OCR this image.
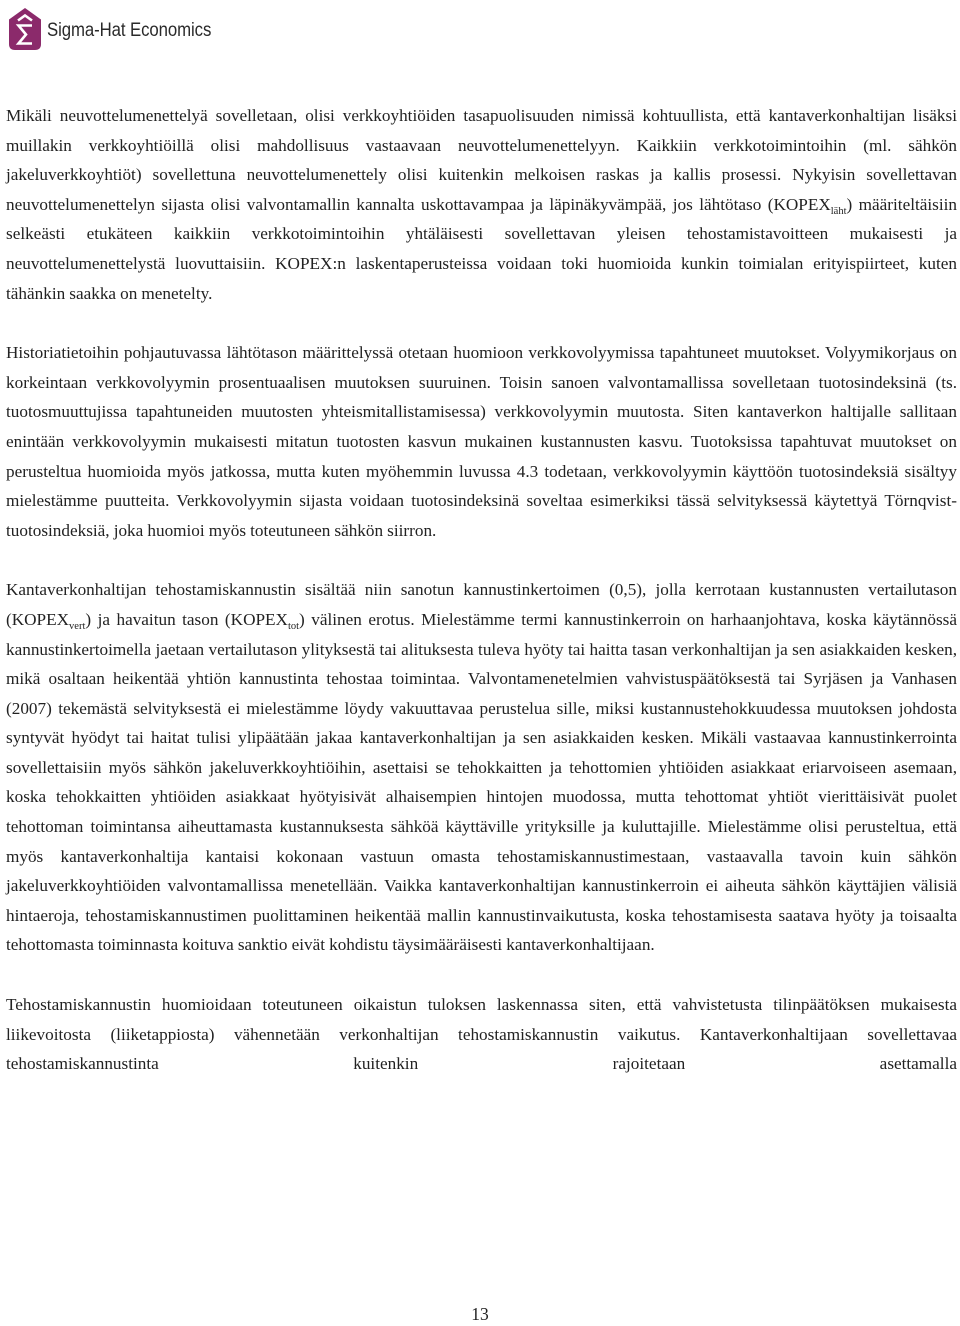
Sigma-Hat Economics

Mikäli neuvottelumenettelyä sovelletaan, olisi verkkoyhtiöiden tasapuolisuuden nimissä kohtuullista, että kantaverkonhaltijan lisäksi muillakin verkkoyhtiöillä olisi mahdollisuus vastaavaan neuvottelumenettelyyn. Kaikkiin verkkotoimintoihin (ml. sähkön jakeluverkkoyhtiöt) sovellettuna neuvottelumenettely olisi kuitenkin melkoisen raskas ja kallis prosessi. Nykyisin sovellettavan neuvottelumenettelyn sijasta olisi valvontamallin kannalta uskottavampaa ja läpinäkyvämpää, jos lähtötaso $(KOPEX_{läht})$ määriteltäisiin selkeästi etukäteen kaikkiin verkkotoimintoihin yhtäläisesti sovellettavan yleisen tehostamistavoitteen mukaisesti ja neuvottelumenettelystä luovuttaisiin. KOPEX:n laskentaperusteissa voidaan toki huomioida kunkin toimialan erityispiirteet, kuten tähänkin saakka on menetelty.

Historiatietoihin pohjautuvassa lähtötason määrittelyssä otetaan huomioon verkkovolyymissa tapahtuneet muutokset. Volyymikorjaus on korkeintaan verkkovolyymin prosentuaalisen muutoksen suuruinen. Toisin sanoen valvontamallissa sovelletaan tuotosindeksinä (ts. tuotosmuuttujissa tapahtuneiden muutosten yhteismitallistamisessa) verkkovolyymin muutosta. Siten kantaverkon haltijalle sallitaan enintään verkkovolyymin mukaisesti mitatun tuotosten kasvun mukainen kustannusten kasvu. Tuotoksissa tapahtuvat muutokset on perusteltua huomioida myös jatkossa, mutta kuten myöhemmin luvussa 4.3 todetaan, verkkovolyymin käyttöön tuotosindeksiä sisältyy mielestämme puutteita. Verkkovolyymin sijasta voidaan tuotosindeksinä soveltaa esimerkiksi tässä selvityksessä käytettyä Törnqvist-tuotosindeksiä, joka huomioi myös toteutuneen sähkön siirron.

Kantaverkonhaltijan tehostamiskannustin sisältää niin sanotun kannustinkertoimen (0,5), jolla kerrotaan kustannusten vertailutason $(KOPEX_{vert})$ ja havaitun tason $(KOPEX_{tot})$ välinen erotus. Mielestämme termi kannustinkerroin on harhaanjohtava, koska käytännössä kannustinkertoimella jaetaan vertailutason ylityksestä tai alituksesta tuleva hyöty tai haitta tasan verkonhaltijan ja sen asiakkaiden kesken, mikä osaltaan heikentää yhtiön kannustinta tehostaa toimintaa. Valvontamenetelmien vahvistuspäätöksestä tai Syrjäsen ja Vanhasen (2007) tekemästä selvityksestä ei mielestämme löydy vakuuttavaa perustelua sille, miksi kustannustehokkuudessa muutoksen johdosta syntyvät hyödyt tai haitat tulisi ylipäätään jakaa kantaverkonhaltijan ja sen asiakkaiden kesken. Mikäli vastaavaa kannustinkerrointa sovellettaisiin myös sähkön jakeluverkkoyhtiöihin, asettaisi se tehokkaitten ja tehottomien yhtiöiden asiakkaat eriarvoiseen asemaan, koska tehokkaitten yhtiöiden asiakkaat hyötyisivät alhaisempien hintojen muodossa, mutta tehottomat yhtiöt vierittäisivät puolet tehottoman toimintansa aiheuttamasta kustannuksesta sähköä käyttäville yrityksille ja kuluttajille. Mielestämme olisi perusteltua, että myös kantaverkonhaltija kantaisi kokonaan vastuun omasta tehostamiskannustimestaan, vastaavalla tavoin kuin sähkön jakeluverkkoyhtiöiden valvontamallissa menetellään. Vaikka kantaverkonhaltijan kannustinkerroin ei aiheuta sähkön käyttäjien välisiä hintaeroja, tehostamiskannustimen puolittaminen heikentää mallin kannustinvaikutusta, koska tehostamisesta saatava hyöty ja toisaalta tehottomasta toiminnasta koituva sanktio eivät kohdistu täysimääräisesti kantaverkonhaltijaan.

Tehostamiskannustin huomioidaan toteutuneen oikaistun tuloksen laskennassa siten, että vahvistetusta tilinpäätöksen mukaisesta liikevoitosta (liiketappiosta) vähennetään verkonhaltijan tehostamiskannustin vaikutus. Kantaverkonhaltijaan sovellettavaa tehostamiskannustinta kuitenkin rajoitetaan asettamalla

13
